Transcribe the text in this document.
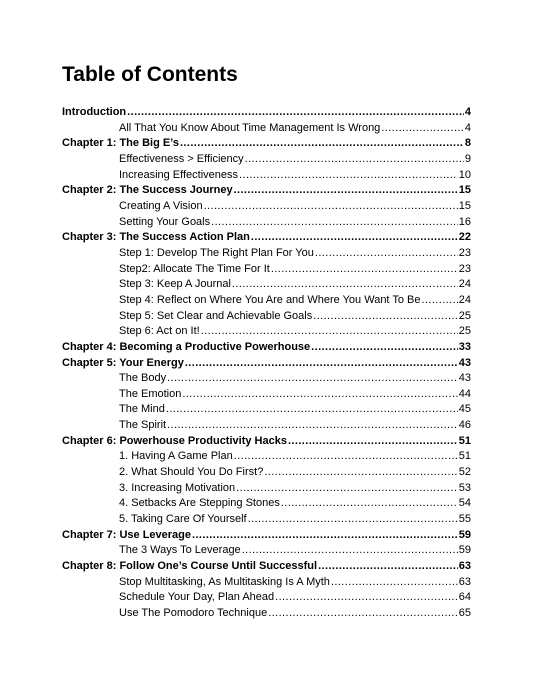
Table of Contents
Introduction .....	4
All That You Know About Time Management Is Wrong .....	4
Chapter 1: The Big E’s .....	8
Effectiveness > Efficiency .....	9
Increasing Effectiveness .....	10
Chapter 2: The Success Journey .....	15
Creating A Vision .....	15
Setting Your Goals .....	16
Chapter 3: The Success Action Plan .....	22
Step 1: Develop The Right Plan For You .....	23
Step2: Allocate The Time For It .....	23
Step 3: Keep A Journal .....	24
Step 4: Reflect on Where You Are and Where You Want To Be .....	24
Step 5: Set Clear and Achievable Goals .....	25
Step 6: Act on It! .....	25
Chapter 4: Becoming a Productive Powerhouse .....	33
Chapter 5: Your Energy .....	43
The Body .....	43
The Emotion .....	44
The Mind .....	45
The Spirit .....	46
Chapter 6: Powerhouse Productivity Hacks .....	51
1. Having A Game Plan .....	51
2. What Should You Do First? .....	52
3. Increasing Motivation .....	53
4. Setbacks Are Stepping Stones .....	54
5. Taking Care Of Yourself .....	55
Chapter 7: Use Leverage .....	59
The 3 Ways To Leverage .....	59
Chapter 8: Follow One’s Course Until Successful .....	63
Stop Multitasking, As Multitasking Is A Myth .....	63
Schedule Your Day, Plan Ahead .....	64
Use The Pomodoro Technique .....	65
